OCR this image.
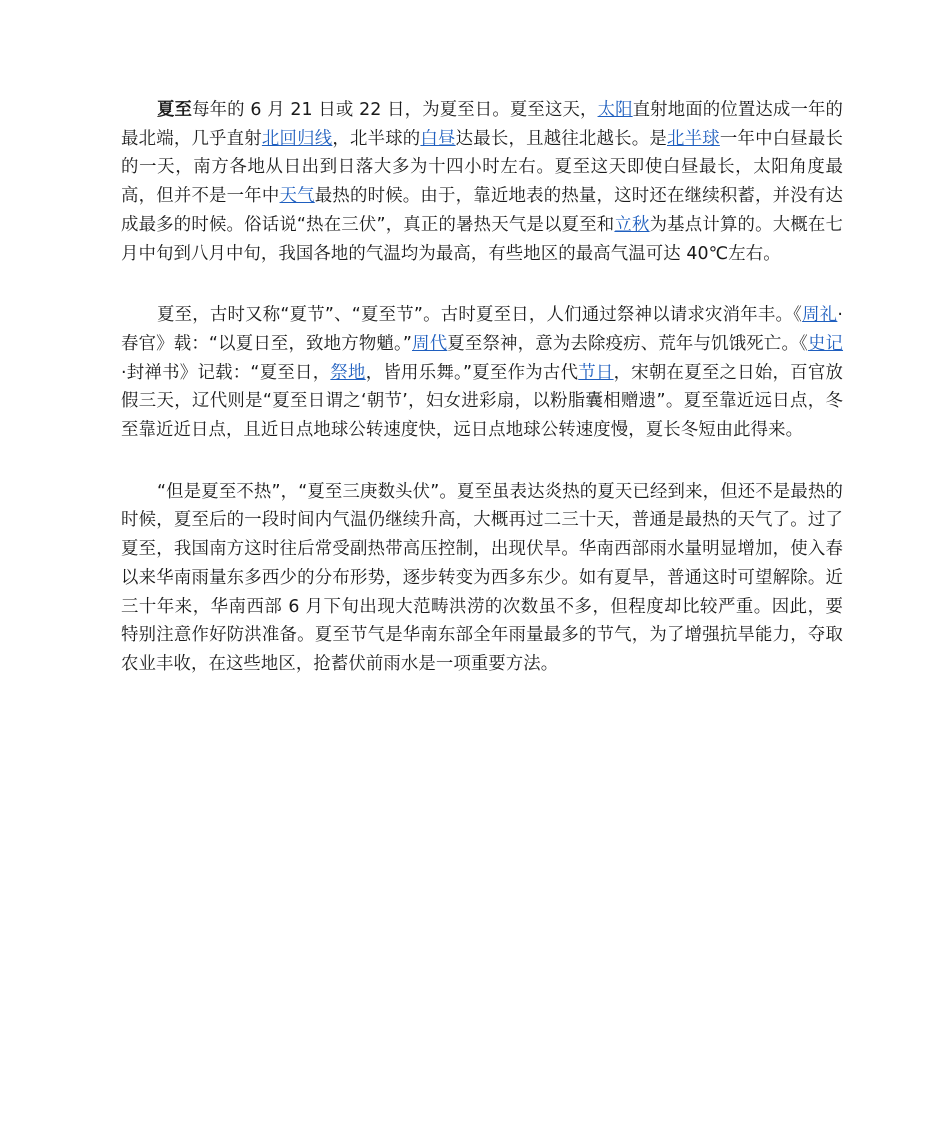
夏至每年的 6 月 21 日或 22 日，为夏至日。夏至这天，太阳直射地面的位置达成一年的最北端，几乎直射北回归线，北半球的白昼达最长，且越往北越长。是北半球一年中白昼最长的一天，南方各地从日出到日落大多为十四小时左右。夏至这天即使白昼最长，太阳角度最高，但并不是一年中天气最热的时候。由于，靠近地表的热量，这时还在继续积蓄，并没有达成最多的时候。俗话说“热在三伏”，真正的暑热天气是以夏至和立秋为基点计算的。大概在七月中旬到八月中旬，我国各地的气温均为最高，有些地区的最高气温可达 40℃左右。

夏至，古时又称“夏节”、“夏至节”。古时夏至日，人们通过祭神以请求灾消年丰。《周礼·春官》载：“以夏日至，致地方物魈。”周代夏至祭神，意为去除疫疠、荒年与饥饿死亡。《史记·封禅书》记载：“夏至日，祭地，皆用乐舞。”夏至作为古代节日，宋朝在夏至之日始，百官放假三天，辽代则是“夏至日谓之‘朝节’，妇女进彩扇，以粉脂囊相赠遗”。夏至靠近远日点，冬至靠近近日点，且近日点地球公转速度快，远日点地球公转速度慢，夏长冬短由此得来。

“但是夏至不热”，“夏至三庚数头伏”。夏至虽表达炎热的夏天已经到来，但还不是最热的时候，夏至后的一段时间内气温仍继续升高，大概再过二三十天，普通是最热的天气了。过了夏至，我国南方这时往后常受副热带高压控制，出现伏旱。华南西部雨水量明显增加，使入春以来华南雨量东多西少的分布形势，逐步转变为西多东少。如有夏旱，普通这时可望解除。近三十年来，华南西部 6 月下旬出现大范畴洪涝的次数虽不多，但程度却比较严重。因此，要特别注意作好防洪准备。夏至节气是华南东部全年雨量最多的节气，为了增强抗旱能力，夺取农业丰收，在这些地区，抢蓄伏前雨水是一项重要方法。
